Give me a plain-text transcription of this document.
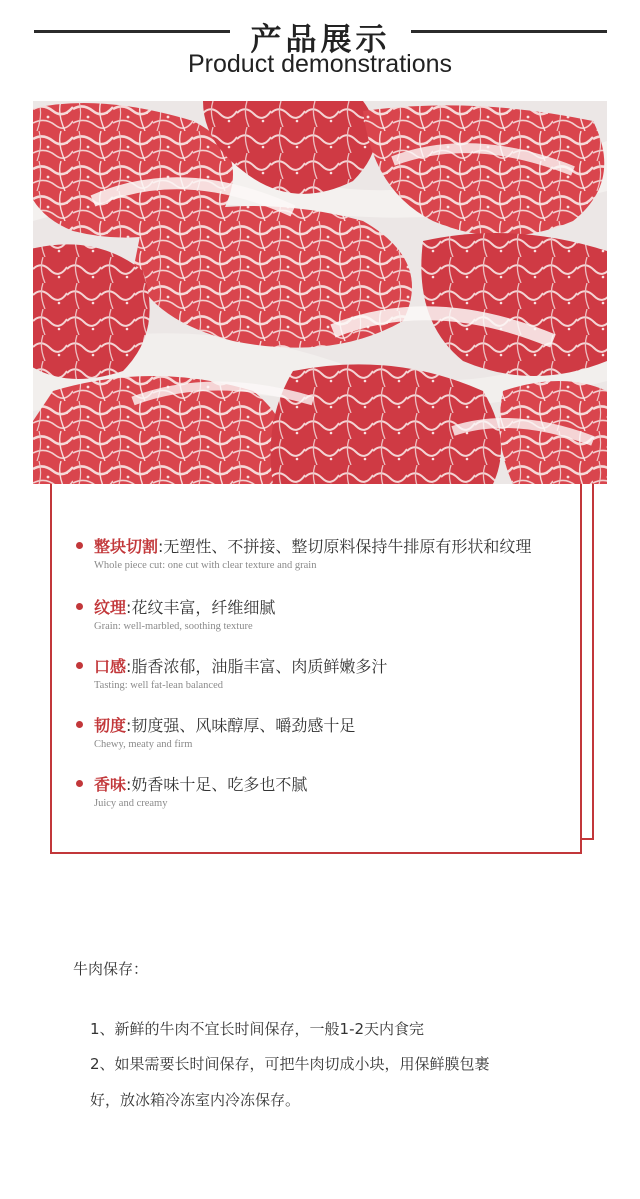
产品展示
Product demonstrations
整块切割:无塑性、不拼接、整切原料保持牛排原有形状和纹理
Whole piece cut: one cut with clear texture and grain
纹理:花纹丰富，纤维细腻
Grain: well-marbled, soothing texture
口感:脂香浓郁，油脂丰富、肉质鲜嫩多汁
Tasting: well fat-lean balanced
韧度:韧度强、风味醇厚、嚼劲感十足
Chewy, meaty and firm
香味:奶香味十足、吃多也不腻
Juicy and creamy
牛肉保存：
1、新鲜的牛肉不宜长时间保存，一般1-2天内食完
2、如果需要长时间保存，可把牛肉切成小块，用保鲜膜包裹
好，放冰箱冷冻室内冷冻保存。
